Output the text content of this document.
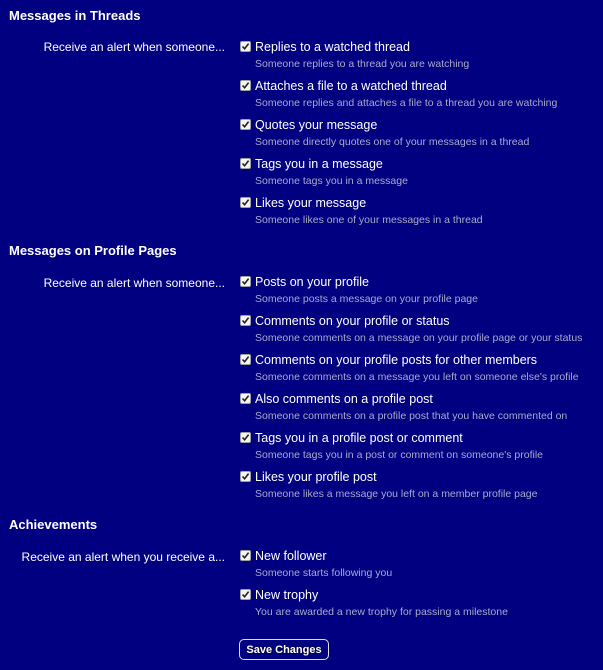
Messages in Threads
Receive an alert when someone... Replies to a watched thread
Someone replies to a thread you are watching
Attaches a file to a watched thread
Someone replies and attaches a file to a thread you are watching
Quotes your message
Someone directly quotes one of your messages in a thread
Tags you in a message
Someone tags you in a message
Likes your message
Someone likes one of your messages in a thread
Messages on Profile Pages
Receive an alert when someone... Posts on your profile
Someone posts a message on your profile page
Comments on your profile or status
Someone comments on a message on your profile page or your status
Comments on your profile posts for other members
Someone comments on a message you left on someone else's profile
Also comments on a profile post
Someone comments on a profile post that you have commented on
Tags you in a profile post or comment
Someone tags you in a post or comment on someone's profile
Likes your profile post
Someone likes a message you left on a member profile page
Achievements
Receive an alert when you receive a... New follower
Someone starts following you
New trophy
You are awarded a new trophy for passing a milestone
Save Changes
